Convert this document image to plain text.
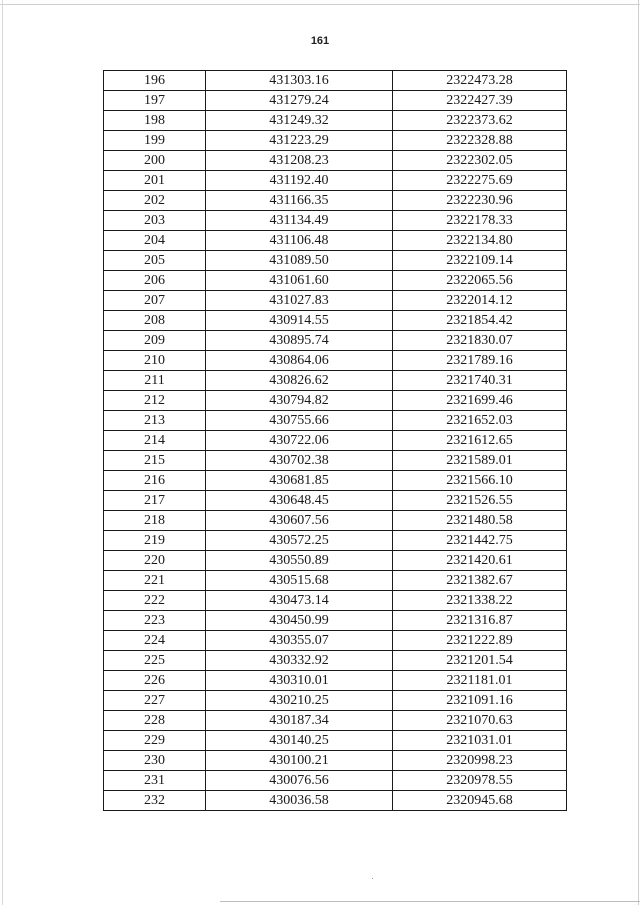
161
196	431303.16	2322473.28
197	431279.24	2322427.39
198	431249.32	2322373.62
199	431223.29	2322328.88
200	431208.23	2322302.05
201	431192.40	2322275.69
202	431166.35	2322230.96
203	431134.49	2322178.33
204	431106.48	2322134.80
205	431089.50	2322109.14
206	431061.60	2322065.56
207	431027.83	2322014.12
208	430914.55	2321854.42
209	430895.74	2321830.07
210	430864.06	2321789.16
211	430826.62	2321740.31
212	430794.82	2321699.46
213	430755.66	2321652.03
214	430722.06	2321612.65
215	430702.38	2321589.01
216	430681.85	2321566.10
217	430648.45	2321526.55
218	430607.56	2321480.58
219	430572.25	2321442.75
220	430550.89	2321420.61
221	430515.68	2321382.67
222	430473.14	2321338.22
223	430450.99	2321316.87
224	430355.07	2321222.89
225	430332.92	2321201.54
226	430310.01	2321181.01
227	430210.25	2321091.16
228	430187.34	2321070.63
229	430140.25	2321031.01
230	430100.21	2320998.23
231	430076.56	2320978.55
232	430036.58	2320945.68
